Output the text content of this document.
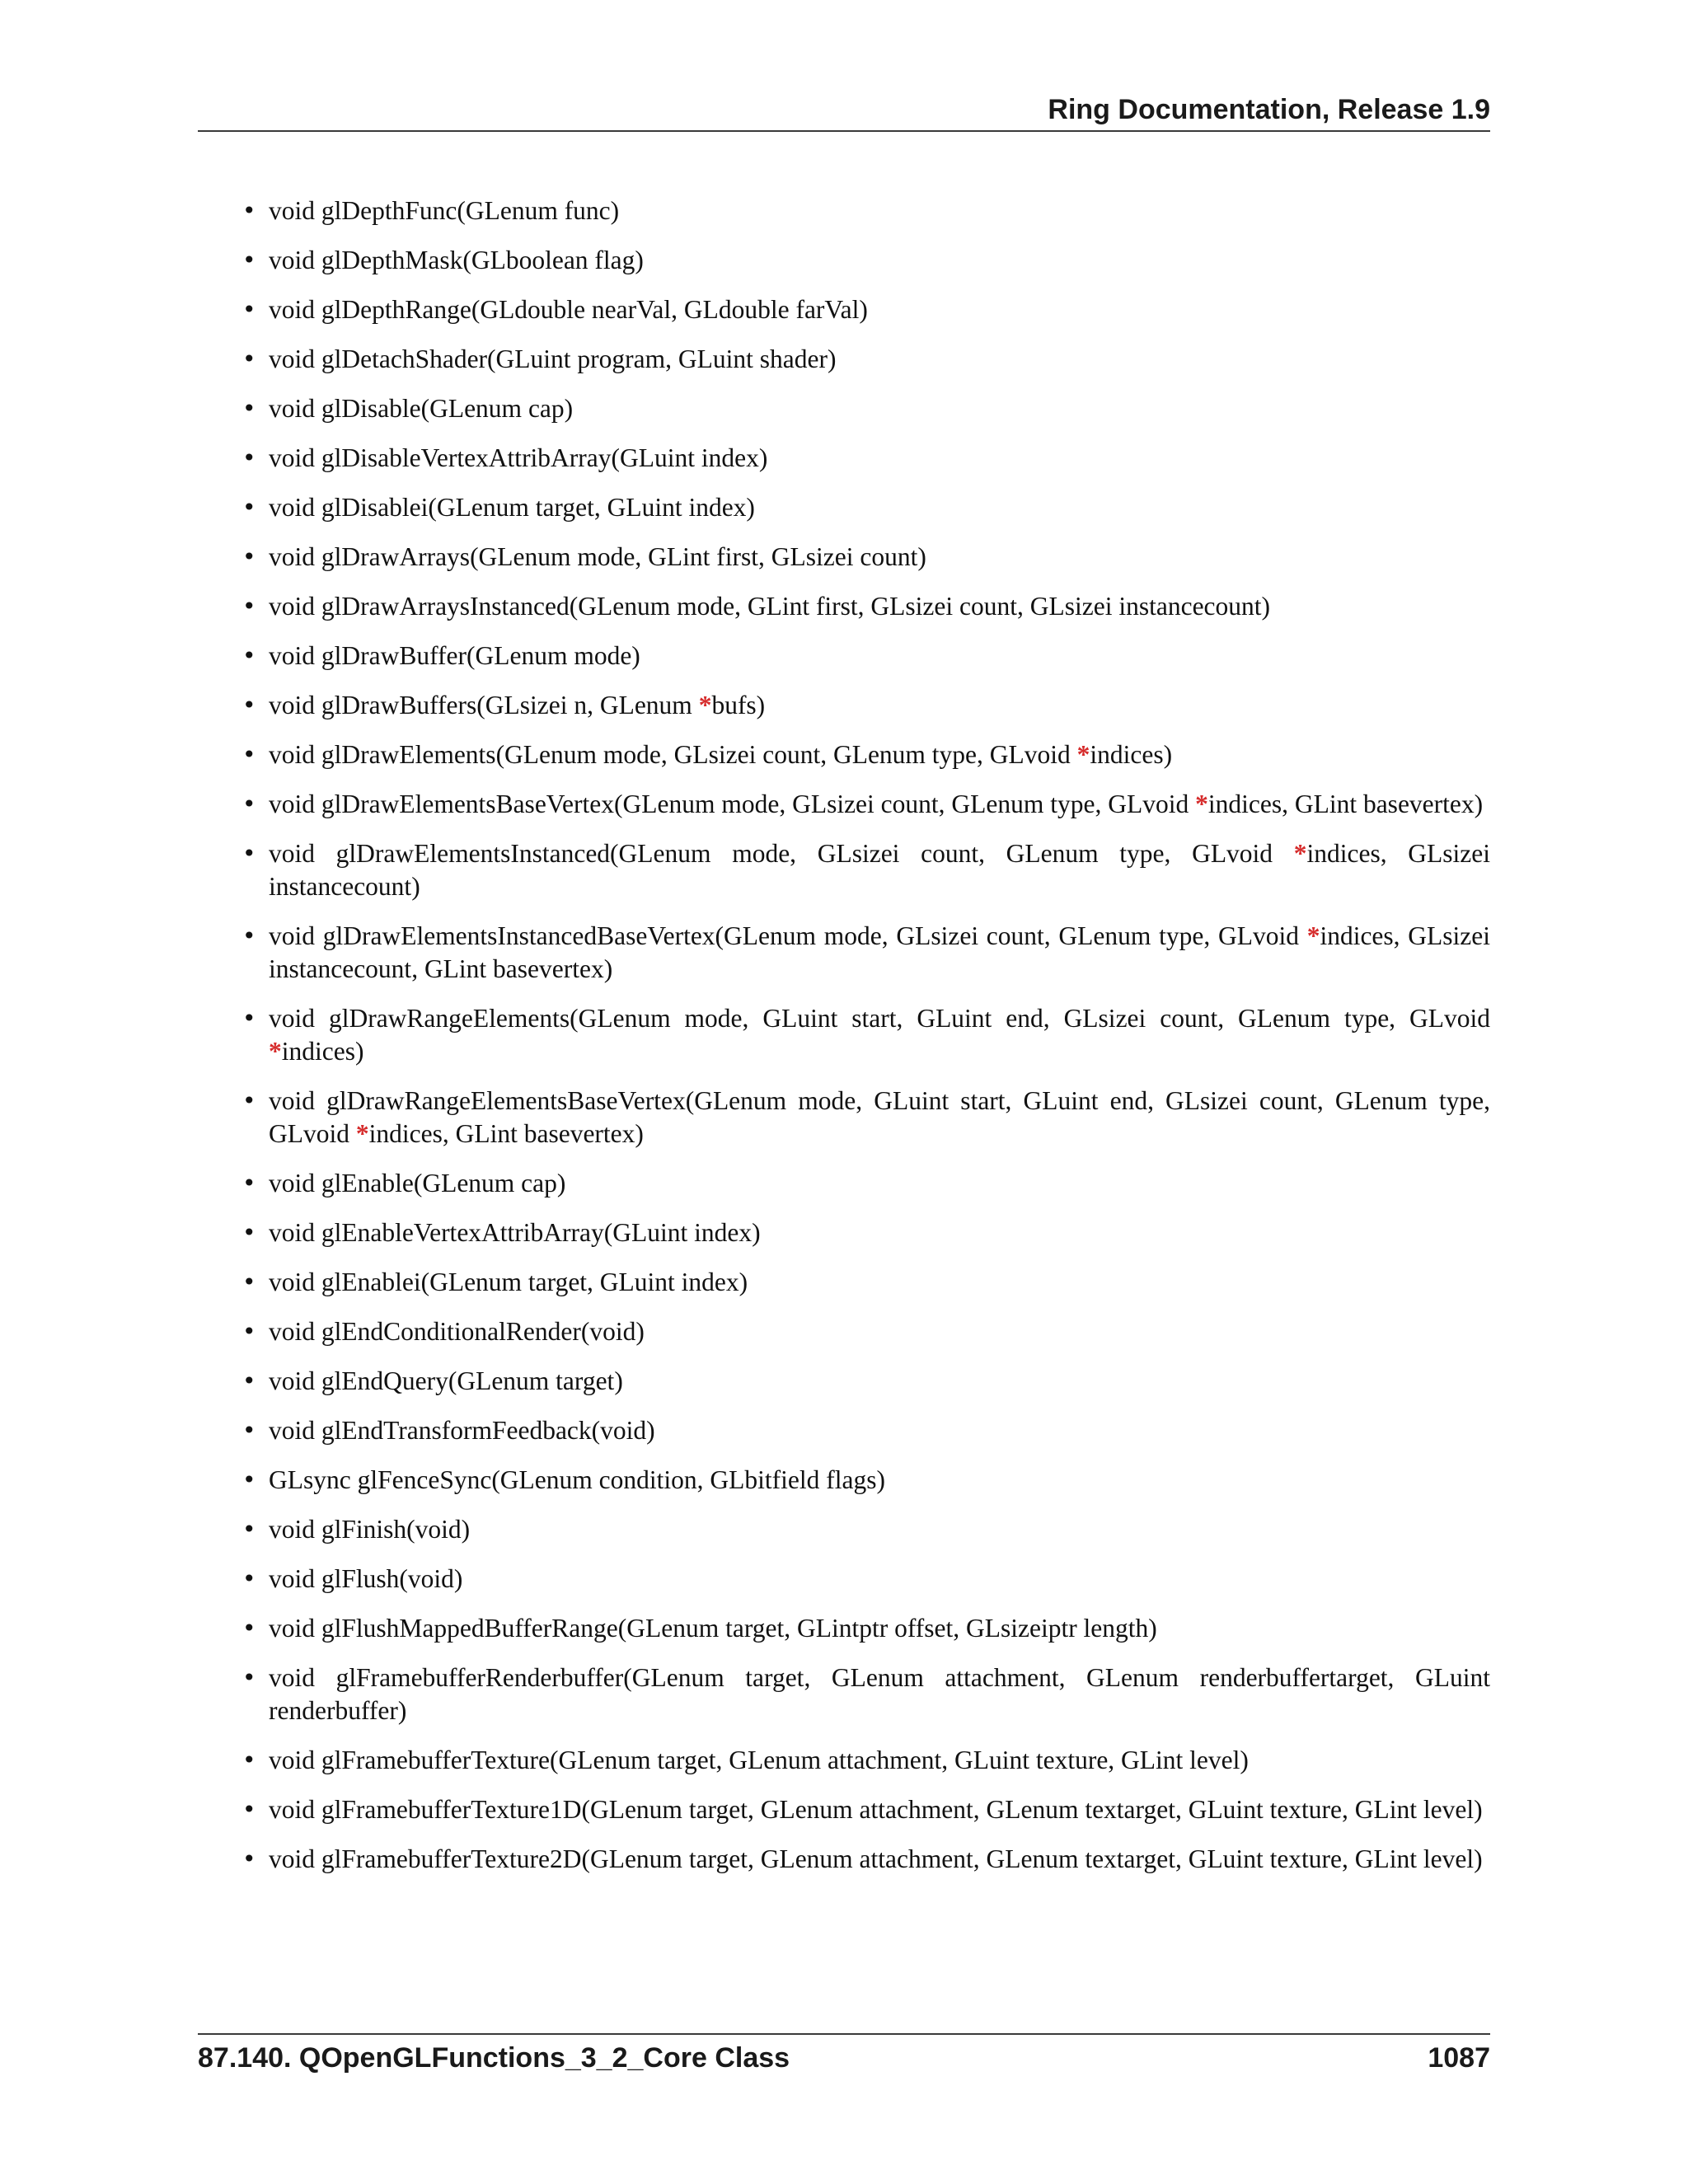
Ring Documentation, Release 1.9
• void glDepthFunc(GLenum func)
• void glDepthMask(GLboolean flag)
• void glDepthRange(GLdouble nearVal, GLdouble farVal)
• void glDetachShader(GLuint program, GLuint shader)
• void glDisable(GLenum cap)
• void glDisableVertexAttribArray(GLuint index)
• void glDisablei(GLenum target, GLuint index)
• void glDrawArrays(GLenum mode, GLint first, GLsizei count)
• void glDrawArraysInstanced(GLenum mode, GLint first, GLsizei count, GLsizei instancecount)
• void glDrawBuffer(GLenum mode)
• void glDrawBuffers(GLsizei n, GLenum *bufs)
• void glDrawElements(GLenum mode, GLsizei count, GLenum type, GLvoid *indices)
• void glDrawElementsBaseVertex(GLenum mode, GLsizei count, GLenum type, GLvoid *indices, GLint basevertex)
• void glDrawElementsInstanced(GLenum mode, GLsizei count, GLenum type, GLvoid *indices, GLsizei instancecount)
• void glDrawElementsInstancedBaseVertex(GLenum mode, GLsizei count, GLenum type, GLvoid *indices, GLsizei instancecount, GLint basevertex)
• void glDrawRangeElements(GLenum mode, GLuint start, GLuint end, GLsizei count, GLenum type, GLvoid *indices)
• void glDrawRangeElementsBaseVertex(GLenum mode, GLuint start, GLuint end, GLsizei count, GLenum type, GLvoid *indices, GLint basevertex)
• void glEnable(GLenum cap)
• void glEnableVertexAttribArray(GLuint index)
• void glEnablei(GLenum target, GLuint index)
• void glEndConditionalRender(void)
• void glEndQuery(GLenum target)
• void glEndTransformFeedback(void)
• GLsync glFenceSync(GLenum condition, GLbitfield flags)
• void glFinish(void)
• void glFlush(void)
• void glFlushMappedBufferRange(GLenum target, GLintptr offset, GLsizeiptr length)
• void glFramebufferRenderbuffer(GLenum target, GLenum attachment, GLenum renderbuffertarget, GLuint renderbuffer)
• void glFramebufferTexture(GLenum target, GLenum attachment, GLuint texture, GLint level)
• void glFramebufferTexture1D(GLenum target, GLenum attachment, GLenum textarget, GLuint texture, GLint level)
• void glFramebufferTexture2D(GLenum target, GLenum attachment, GLenum textarget, GLuint texture, GLint level)
87.140. QOpenGLFunctions_3_2_Core Class	1087
